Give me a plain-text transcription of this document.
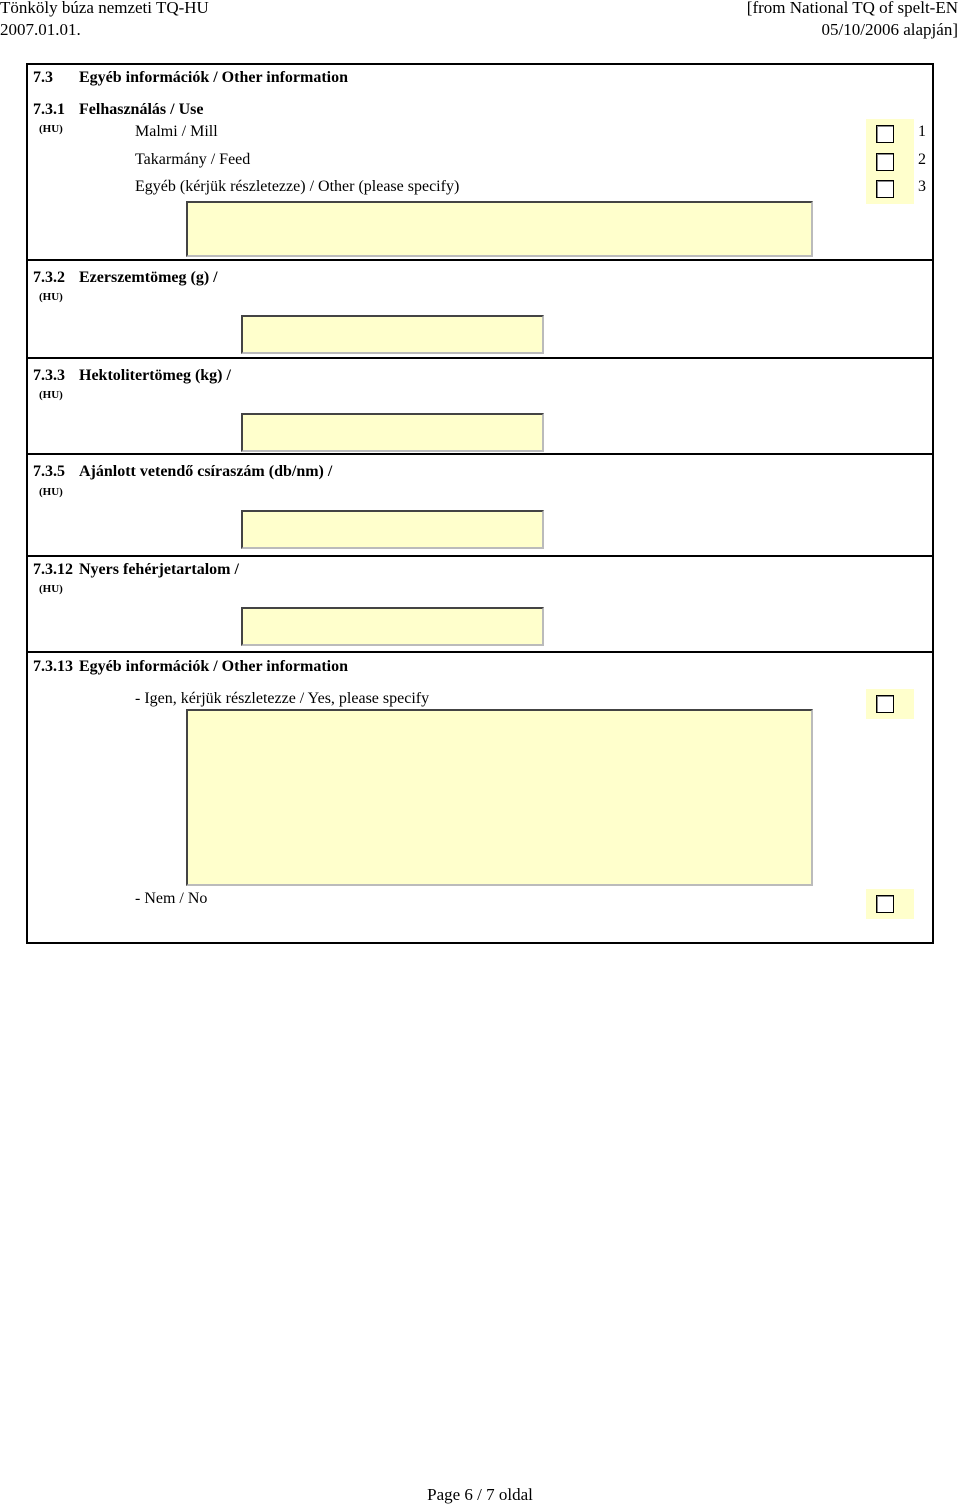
Tönköly búza nemzeti TQ-HU
2007.01.01.
[from National TQ of spelt-EN
05/10/2006 alapján]
7.3 Egyéb információk / Other information
7.3.1 Felhasználás / Use
(HU)	Malmi / Mill	1
Takarmány / Feed	2
Egyéb (kérjük részletezze) / Other (please specify)	3
7.3.2 Ezerszemtömeg (g) /
(HU)
7.3.3 Hektolitertömeg (kg) /
(HU)
7.3.5 Ajánlott vetendő csíraszám (db/nm) /
(HU)
7.3.12 Nyers fehérjetartalom /
(HU)
7.3.13 Egyéb információk / Other information
- Igen, kérjük részletezze / Yes, please specify
- Nem / No
Page 6 / 7 oldal
